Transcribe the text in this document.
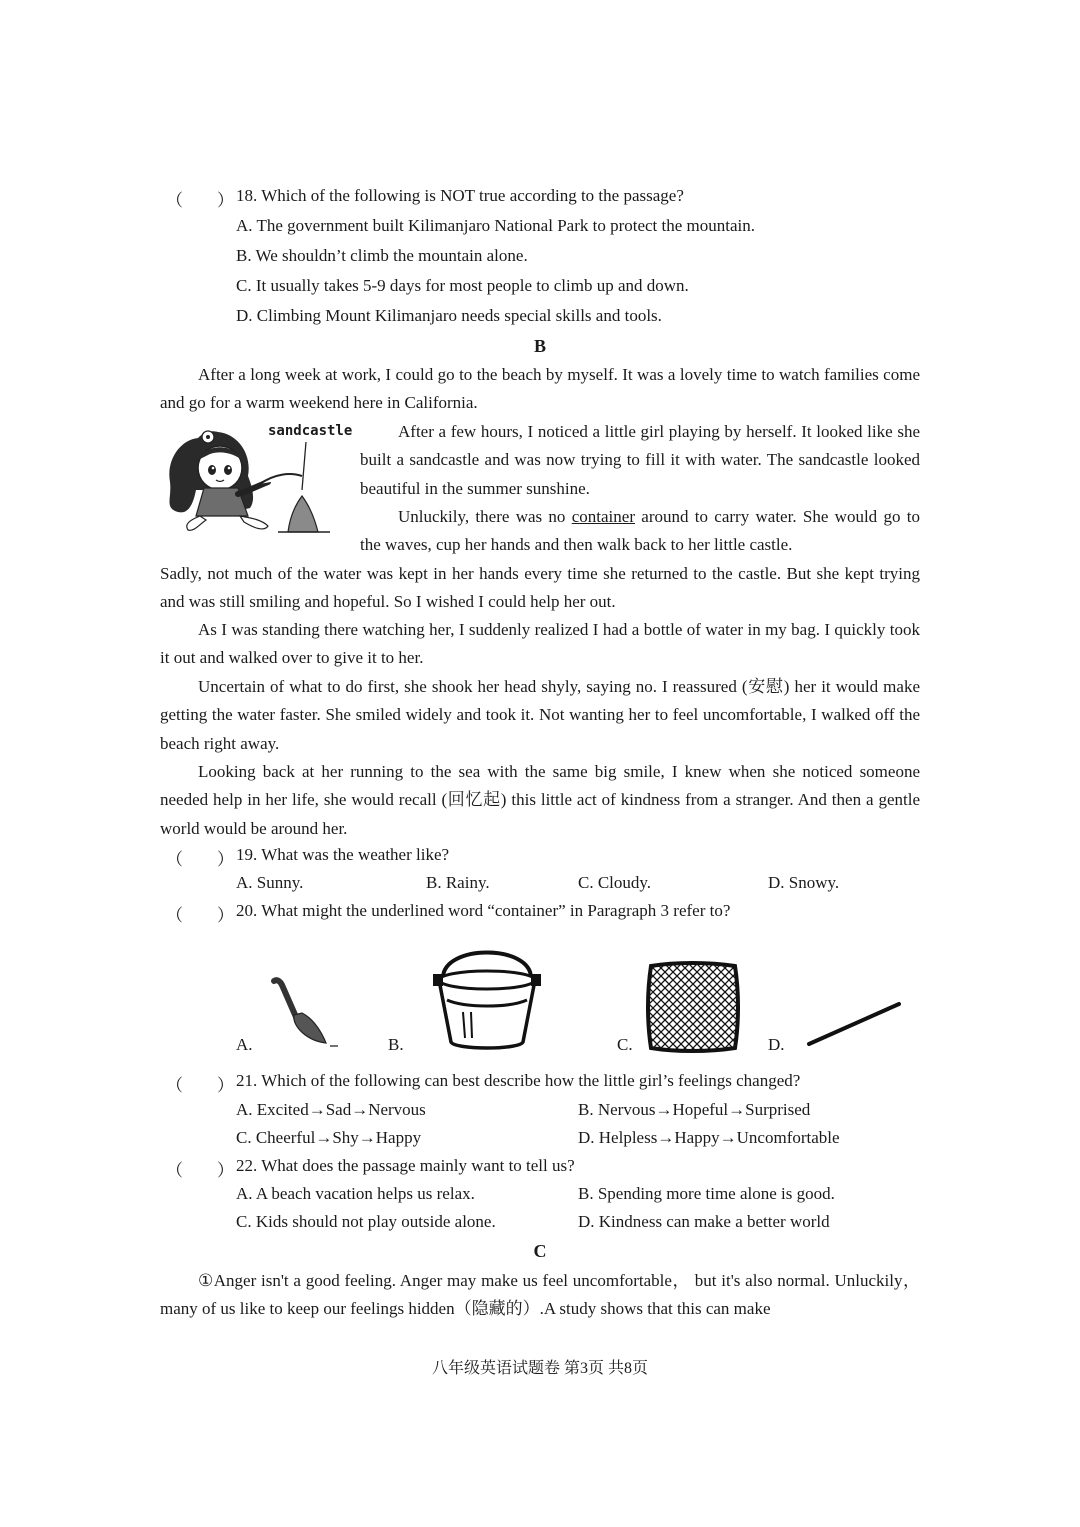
（　　） 18. Which of the following is NOT true according to the passage?
A. The government built Kilimanjaro National Park to protect the mountain.
B. We shouldn’t climb the mountain alone.
C. It usually takes 5-9 days for most people to climb up and down.
D. Climbing Mount Kilimanjaro needs special skills and tools.
B
After a long week at work, I could go to the beach by myself. It was a lovely time to watch families come and go for a warm weekend here in California.
sandcastle	After a few hours, I noticed a little girl playing by herself. It looked like she built a sandcastle and was now trying to fill it with water. The sandcastle looked beautiful in the summer sunshine.
Unluckily, there was no container around to carry water. She would go to the waves, cup her hands and then walk back to her little castle.
Sadly, not much of the water was kept in her hands every time she returned to the castle. But she kept trying and was still smiling and hopeful. So I wished I could help her out.
As I was standing there watching her, I suddenly realized I had a bottle of water in my bag. I quickly took it out and walked over to give it to her.
Uncertain of what to do first, she shook her head shyly, saying no. I reassured (安慰) her it would make getting the water faster. She smiled widely and took it. Not wanting her to feel uncomfortable, I walked off the beach right away.
Looking back at her running to the sea with the same big smile, I knew when she noticed someone needed help in her life, she would recall (回忆起) this little act of kindness from a stranger. And then a gentle world would be around her.
（　　） 19. What was the weather like?
A. Sunny.	B. Rainy.	C. Cloudy.	D. Snowy.
（　　） 20. What might the underlined word “container” in Paragraph 3 refer to?
A.	B.	C.	D.
（　　） 21. Which of the following can best describe how the little girl’s feelings changed?
A. Excited→Sad→Nervous	B. Nervous→Hopeful→Surprised
C. Cheerful→Shy→Happy	D. Helpless→Happy→Uncomfortable
（　　） 22. What does the passage mainly want to tell us?
A. A beach vacation helps us relax.	B. Spending more time alone is good.
C. Kids should not play outside alone.	D. Kindness can make a better world
C
①Anger isn't a good feeling. Anger may make us feel uncomfortable， but it's also normal. Unluckily，many of us like to keep our feelings hidden（隐藏的）.A study shows that this can make
八年级英语试题卷 第3页 共8页
